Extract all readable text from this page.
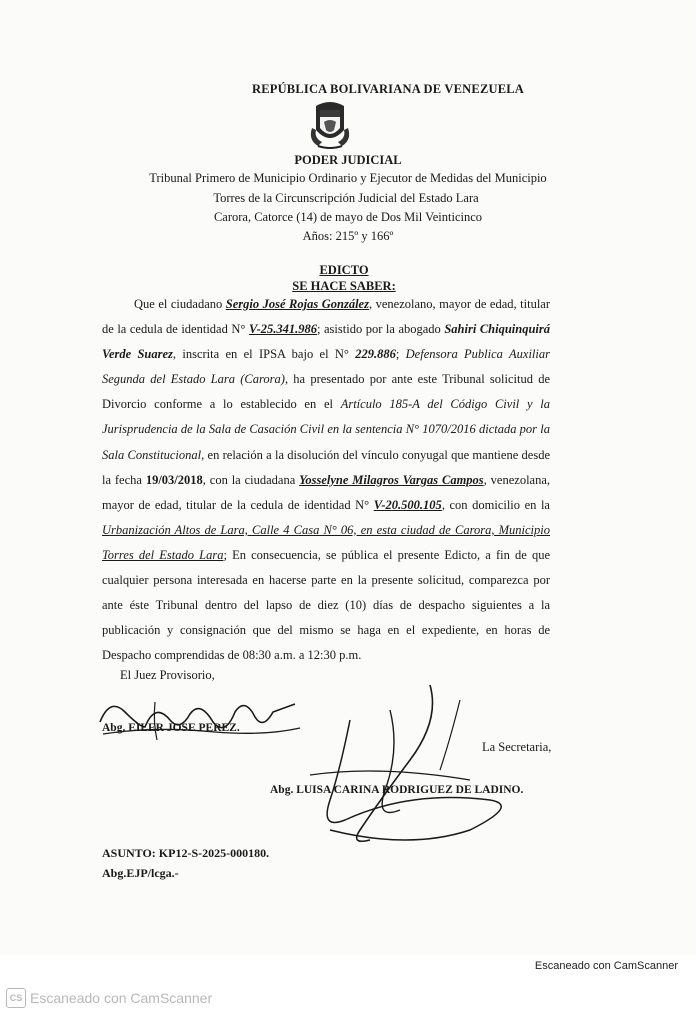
REPÚBLICA BOLIVARIANA DE VENEZUELA
PODER JUDICIAL
Tribunal Primero de Municipio Ordinario y Ejecutor de Medidas del Municipio
Torres de la Circunscripción Judicial del Estado Lara
Carora, Catorce (14) de mayo de Dos Mil Veinticinco
Años: 215º y 166º
EDICTO
SE HACE SABER:

Que el ciudadano Sergio José Rojas González, venezolano, mayor de edad, titular de la cedula de identidad N° V-25.341.986; asistido por la abogado Sahiri Chiquinquirá Verde Suarez, inscrita en el IPSA bajo el N° 229.886; Defensora Publica Auxiliar Segunda del Estado Lara (Carora), ha presentado por ante este Tribunal solicitud de Divorcio conforme a lo establecido en el Artículo 185-A del Código Civil y la Jurisprudencia de la Sala de Casación Civil en la sentencia N° 1070/2016 dictada por la Sala Constitucional, en relación a la disolución del vínculo conyugal que mantiene desde la fecha 19/03/2018, con la ciudadana Yosselyne Milagros Vargas Campos, venezolana, mayor de edad, titular de la cedula de identidad N° V-20.500.105, con domicilio en la Urbanización Altos de Lara, Calle 4 Casa N° 06, en esta ciudad de Carora, Municipio Torres del Estado Lara; En consecuencia, se pública el presente Edicto, a fin de que cualquier persona interesada en hacerse parte en la presente solicitud, comparezca por ante éste Tribunal dentro del lapso de diez (10) días de despacho siguientes a la publicación y consignación que del mismo se haga en el expediente, en horas de Despacho comprendidas de 08:30 a.m. a 12:30 p.m.

El Juez Provisorio,
Abg. EILER JOSE PEREZ.
La Secretaria,
Abg. LUISA CARINA RODRIGUEZ DE LADINO.
ASUNTO: KP12-S-2025-000180.
Abg.EJP/lcga.-
Escaneado con CamScanner
CS Escaneado con CamScanner
